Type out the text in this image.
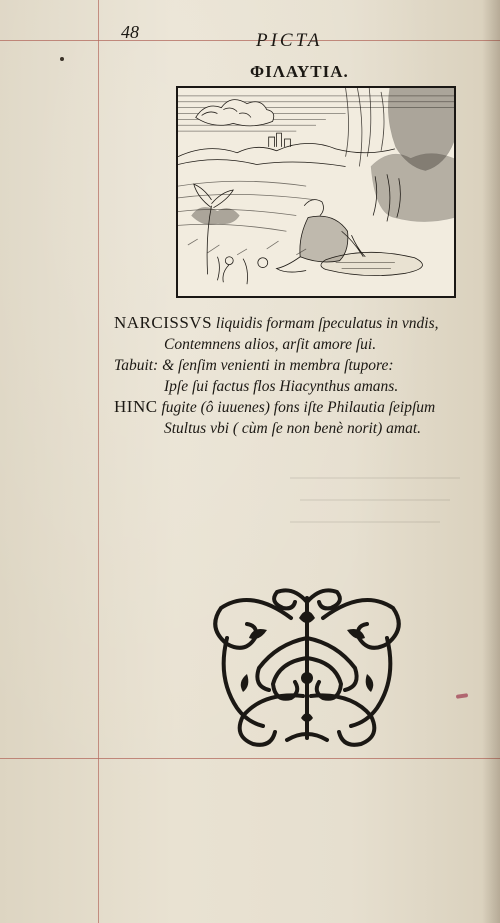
48	PICTA
ΦΙΛΑΥΤΙΑ.
NARCISSVS liquidis formam ſpeculatus in vndis,
Contemnens alios, arſit amore ſui.
Tabuit: & ſenſim venienti in membra ſtupore:
Ipſe ſui factus flos Hiacynthus amans.
HINC fugite (ô iuuenes) fons iſte Philautia ſeipſum
Stultus vbi ( cùm ſe non benè norit) amat.
